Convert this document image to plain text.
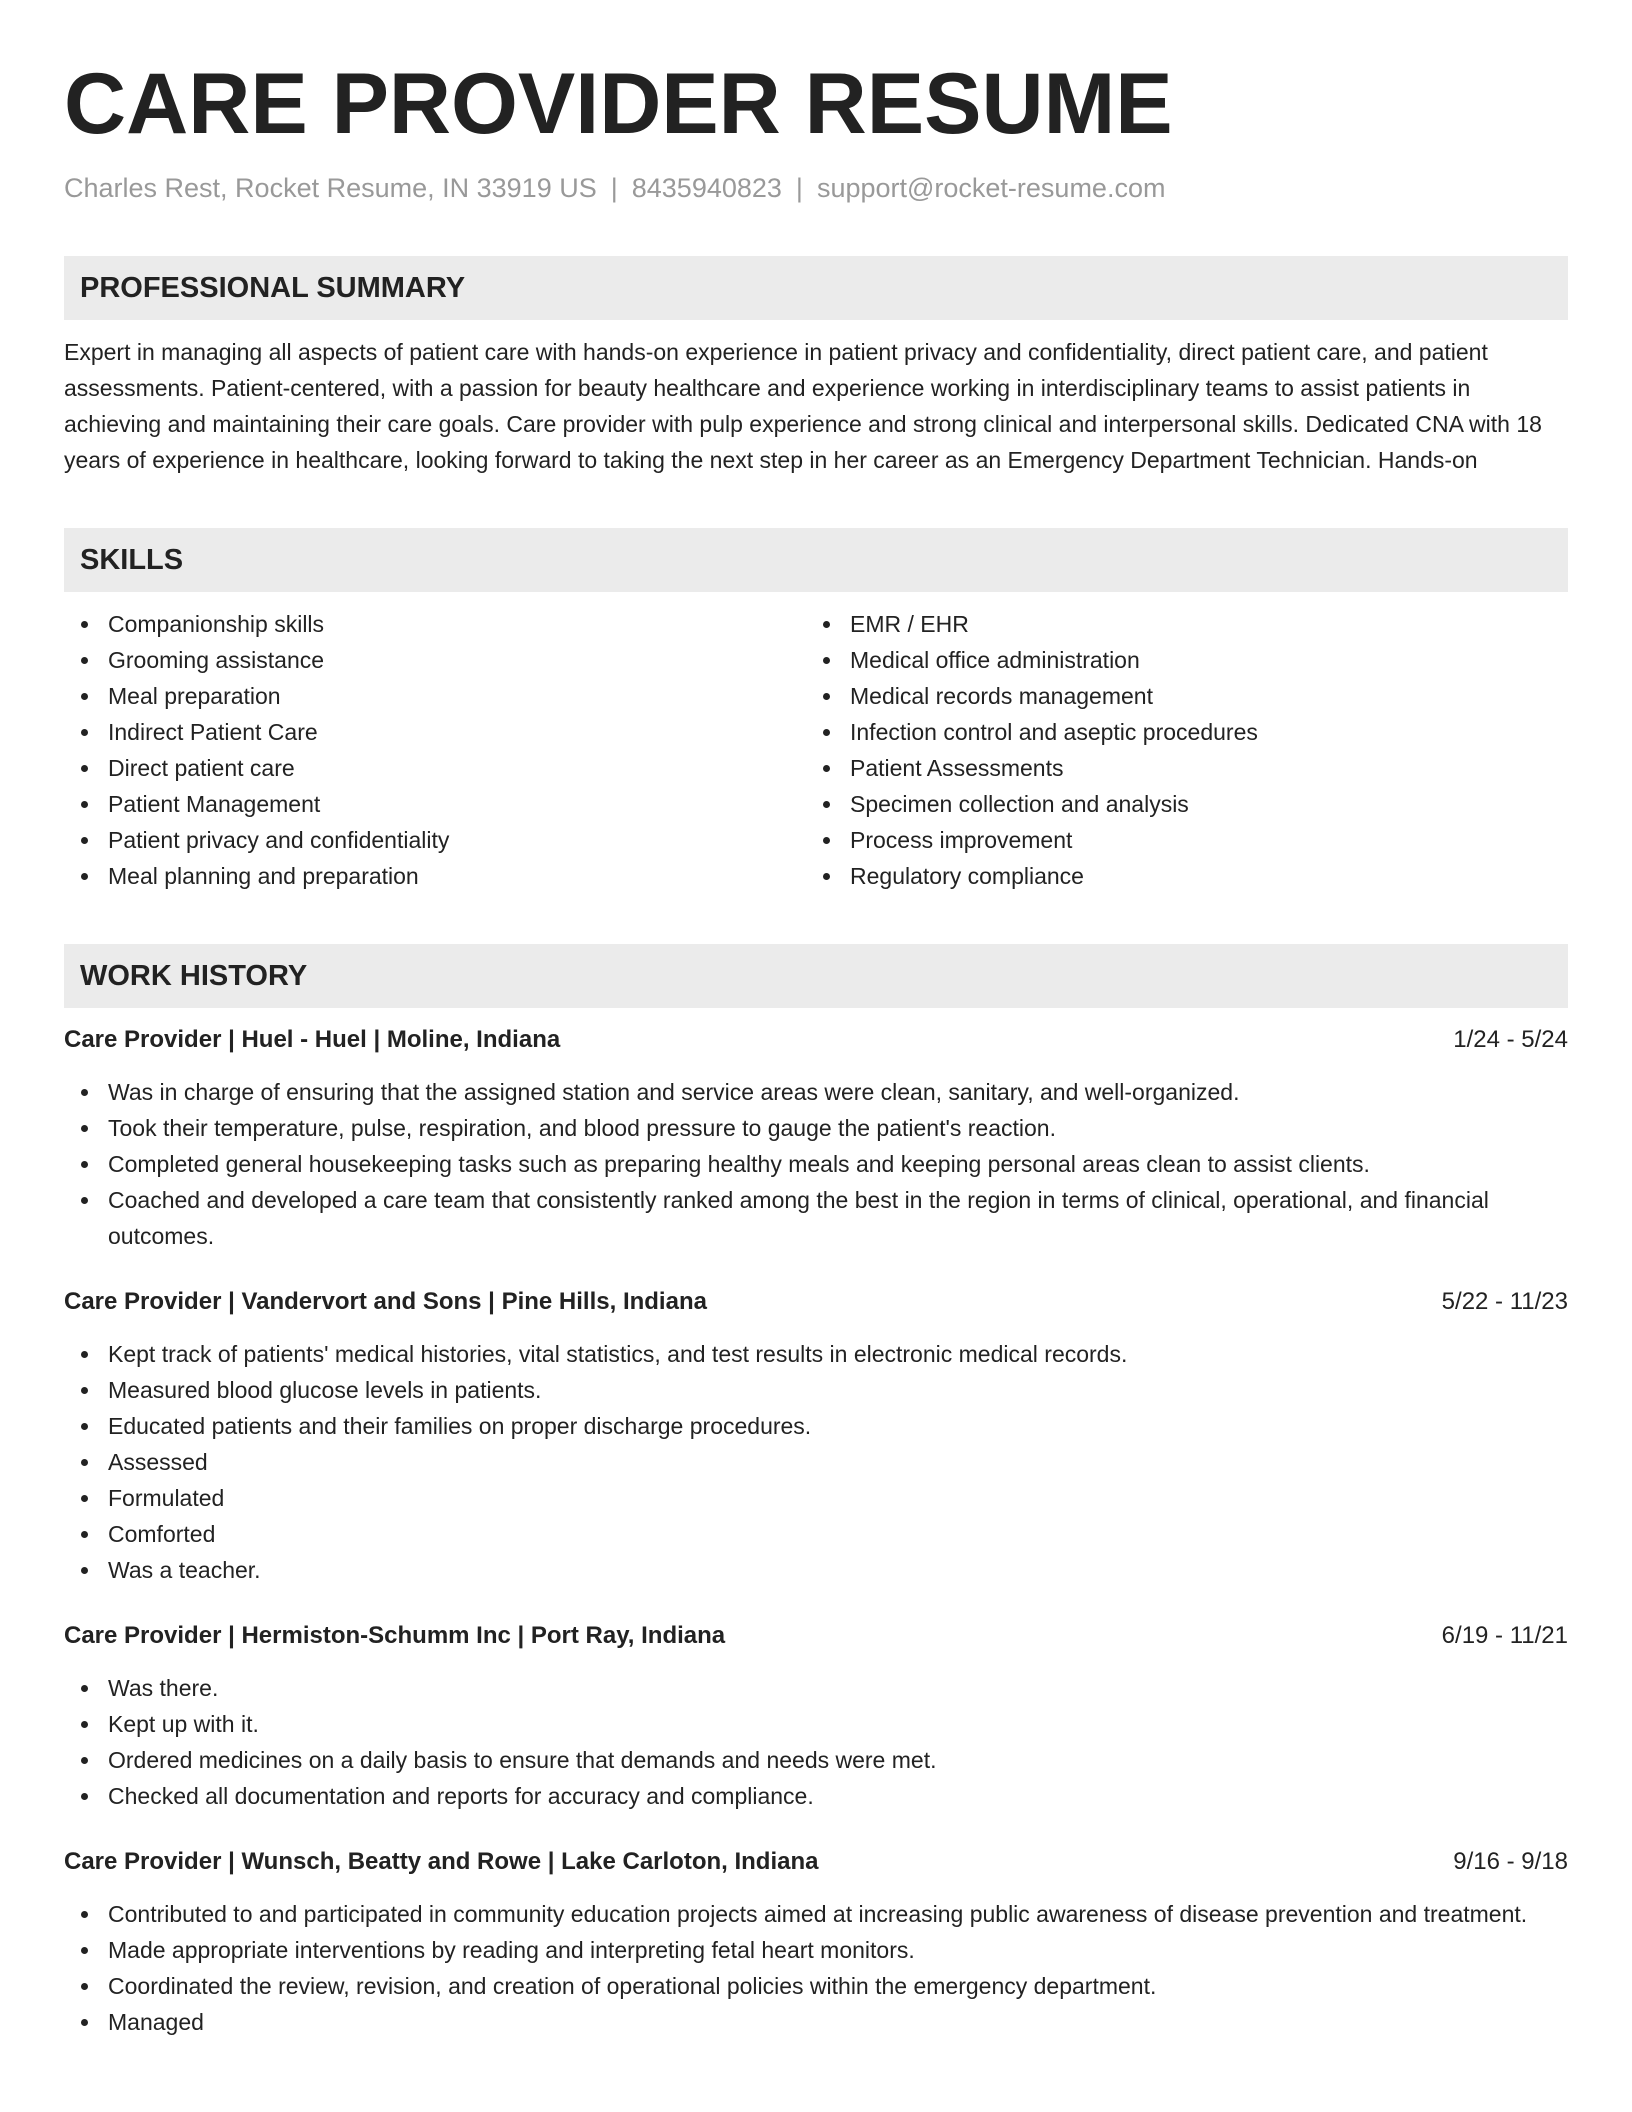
CARE PROVIDER RESUME
Charles Rest, Rocket Resume, IN 33919 US | 8435940823 | support@rocket-resume.com
PROFESSIONAL SUMMARY
Expert in managing all aspects of patient care with hands-on experience in patient privacy and confidentiality, direct patient care, and patient assessments. Patient-centered, with a passion for beauty healthcare and experience working in interdisciplinary teams to assist patients in achieving and maintaining their care goals. Care provider with pulp experience and strong clinical and interpersonal skills. Dedicated CNA with 18 years of experience in healthcare, looking forward to taking the next step in her career as an Emergency Department Technician. Hands-on
SKILLS
Companionship skills
Grooming assistance
Meal preparation
Indirect Patient Care
Direct patient care
Patient Management
Patient privacy and confidentiality
Meal planning and preparation
EMR / EHR
Medical office administration
Medical records management
Infection control and aseptic procedures
Patient Assessments
Specimen collection and analysis
Process improvement
Regulatory compliance
WORK HISTORY
Care Provider | Huel - Huel | Moline, Indiana	1/24 - 5/24
Was in charge of ensuring that the assigned station and service areas were clean, sanitary, and well-organized.
Took their temperature, pulse, respiration, and blood pressure to gauge the patient's reaction.
Completed general housekeeping tasks such as preparing healthy meals and keeping personal areas clean to assist clients.
Coached and developed a care team that consistently ranked among the best in the region in terms of clinical, operational, and financial outcomes.
Care Provider | Vandervort and Sons | Pine Hills, Indiana	5/22 - 11/23
Kept track of patients' medical histories, vital statistics, and test results in electronic medical records.
Measured blood glucose levels in patients.
Educated patients and their families on proper discharge procedures.
Assessed
Formulated
Comforted
Was a teacher.
Care Provider | Hermiston-Schumm Inc | Port Ray, Indiana	6/19 - 11/21
Was there.
Kept up with it.
Ordered medicines on a daily basis to ensure that demands and needs were met.
Checked all documentation and reports for accuracy and compliance.
Care Provider | Wunsch, Beatty and Rowe | Lake Carloton, Indiana	9/16 - 9/18
Contributed to and participated in community education projects aimed at increasing public awareness of disease prevention and treatment.
Made appropriate interventions by reading and interpreting fetal heart monitors.
Coordinated the review, revision, and creation of operational policies within the emergency department.
Managed
